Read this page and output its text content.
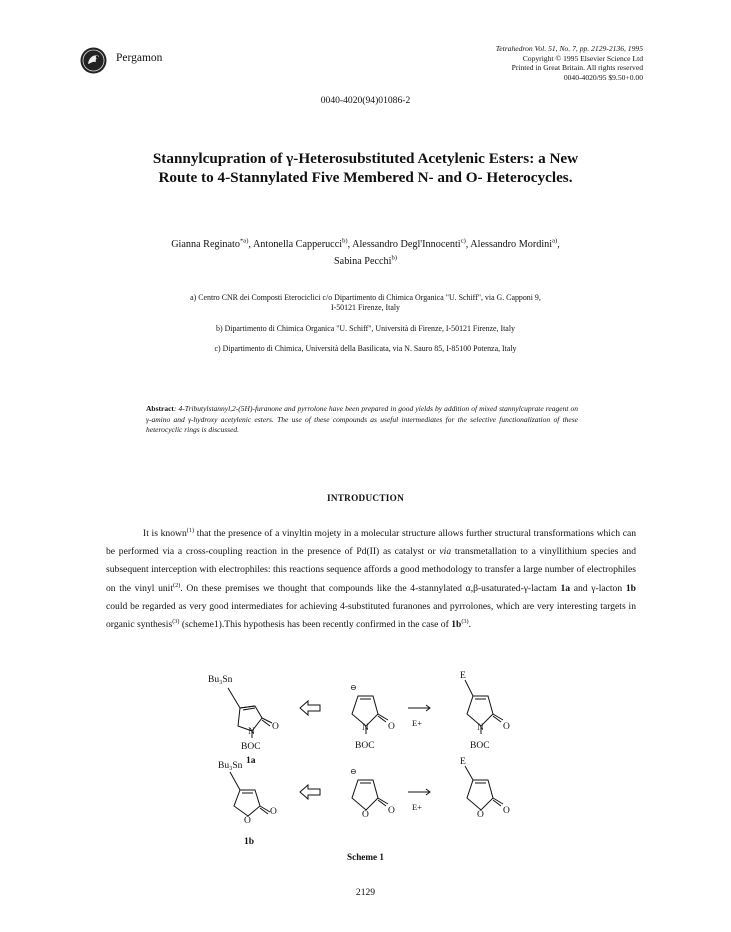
Pergamon
Tetrahedron Vol. 51, No. 7, pp. 2129-2136, 1995
Copyright © 1995 Elsevier Science Ltd
Printed in Great Britain. All rights reserved
0040-4020/95 $9.50+0.00
0040-4020(94)01086-2
Stannylcupration of γ-Heterosubstituted Acetylenic Esters: a New
Route to 4-Stannylated Five Membered N- and O- Heterocycles.
Gianna Reginato$^{*a)}$, Antonella Capperucci$^{b)}$, Alessandro Degl'Innocenti$^{c)}$, Alessandro Mordini$^{a)}$,
Sabina Pecchi$^{b)}$
a) Centro CNR dei Composti Eterociclici c/o Dipartimento di Chimica Organica "U. Schiff", via G. Capponi 9,
I-50121 Firenze, Italy
b) Dipartimento di Chimica Organica "U. Schiff", Università di Firenze, I-50121 Firenze, Italy
c) Dipartimento di Chimica, Università della Basilicata, via N. Sauro 85, I-85100 Potenza, Italy
Abstract: 4-Tributylstannyl,2-(5H)-furanone and pyrrolone have been prepared in good yields by addition of mixed stannylcuprate reagent on γ-amino and γ-hydroxy acetylenic esters. The use of these compounds as useful intermediates for the selective functionalization of these heterocyclic rings is discussed.
INTRODUCTION

It is known$^{(1)}$ that the presence of a vinyltin mojety in a molecular structure allows further structural transformations which can be performed via a cross-coupling reaction in the presence of Pd(II) as catalyst or via transmetallation to a vinyllithium species and subsequent interception with electrophiles: this reactions sequence affords a good methodology to transfer a large number of electrophiles on the vinyl unit$^{(2)}$. On these premises we thought that compounds like the 4-stannylated α,β-usaturated-γ-lactam 1a and γ-lacton 1b could be regarded as very good intermediates for achieving 4-substituted furanones and pyrrolones, which are very interesting targets in organic synthesis$^{(3)}$ (scheme1).This hypothesis has been recently confirmed in the case of $1b^{(3)}$.

Bu₃Sn
N O
BOC
1a
⊖
N O
BOC
E+
E
N O
BOC
Bu₃Sn
O
O
1b
⊖
O O E+
E
O O
Scheme 1
2129
